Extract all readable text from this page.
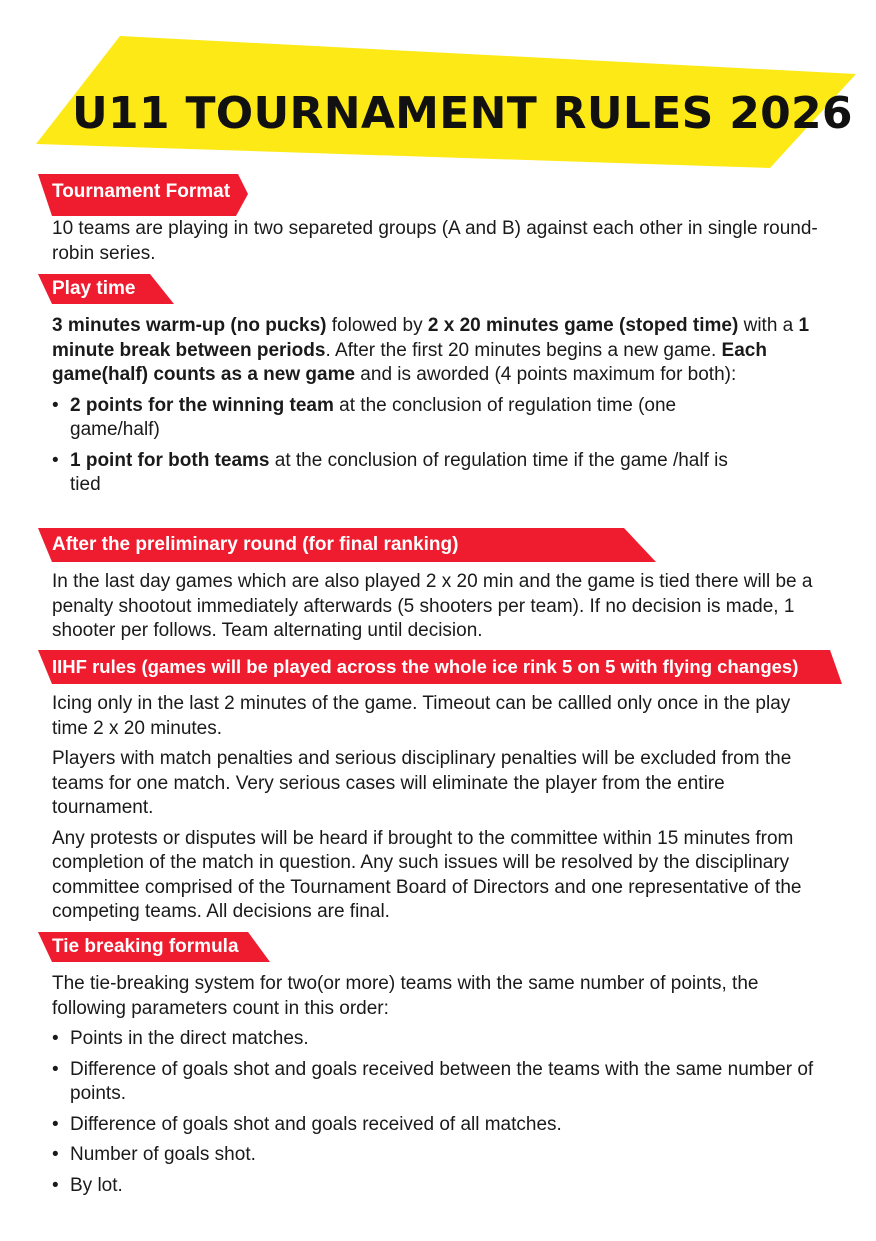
U11 TOURNAMENT RULES 2026
Tournament Format

10 teams are playing in two separeted groups (A and B) against each other in single round-robin series.

Play time

3 minutes warm-up (no pucks) folowed by 2 x 20 minutes game (stoped time) with a 1 minute break between periods. After the first 20 minutes begins a new game. Each game(half) counts as a new game and is aworded (4 points maximum for both):

• 2 points for the winning team at the conclusion of regulation time (one game/half)
• 1 point for both teams at the conclusion of regulation time if the game /half is tied
After the preliminary round (for final ranking)

In the last day games which are also played 2 x 20 min and the game is tied there will be a penalty shootout immediately afterwards (5 shooters per team). If no decision is made, 1 shooter per follows. Team alternating until decision.

IIHF rules (games will be played across the whole ice rink 5 on 5 with flying changes)

Icing only in the last 2 minutes of the game. Timeout can be callled only once in the play time 2 x 20 minutes.

Players with match penalties and serious disciplinary penalties will be excluded from the teams for one match. Very serious cases will eliminate the player from the entire tournament.

Any protests or disputes will be heard if brought to the committee within 15 minutes from completion of the match in question. Any such issues will be resolved by the disciplinary committee comprised of the Tournament Board of Directors and one representative of the competing teams. All decisions are final.

Tie breaking formula

The tie-breaking system for two(or more) teams with the same number of points, the following parameters count in this order:

• Points in the direct matches.
• Difference of goals shot and goals received between the teams with the same number of points.
• Difference of goals shot and goals received of all matches.
• Number of goals shot.
• By lot.
